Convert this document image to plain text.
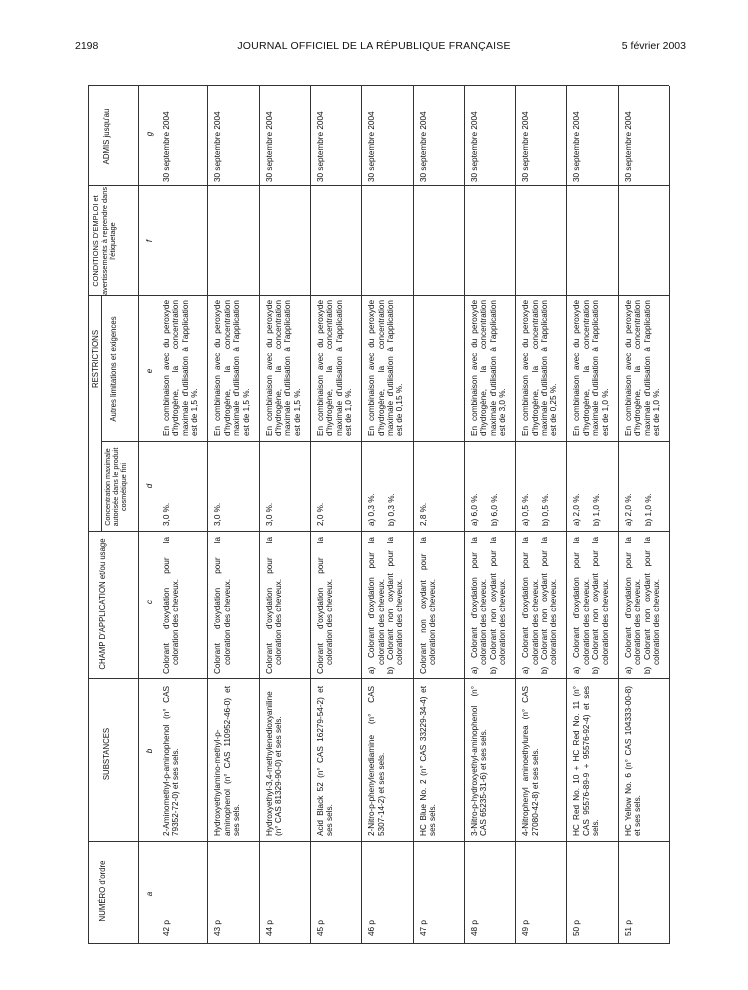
2198	JOURNAL OFFICIEL DE LA RÉPUBLIQUE FRANÇAISE	5 février 2003
NUMÉRO d'ordre
SUBSTANCES
CHAMP D'APPLICATION et/ou usage
RESTRICTIONS
Concentration maximale autorisée dans le produit cosmétique fini
Autres limitations et exigences
CONDITIONS D'EMPLOI et avertissements à reprendre dans l'étiquetage
ADMIS jusqu'au
a
b
c
d
e
f
g
42 p
2-Aminomethyl-p-aminophenol (n° CAS 79352-72-0) et ses sels.
Colorant d'oxydation pour la coloration des cheveux.
3,0 %.
En combinaison avec du peroxyde d'hydrogène, la concentration maximale d'utilisation à l'application est de 1,5 %.
30 septembre 2004
43 p
Hydroxyethylamino-methyl-p-aminophenol (n° CAS 110952-46-0) et ses sels.
Colorant d'oxydation pour la coloration des cheveux.
3,0 %.
En combinaison avec du peroxyde d'hydrogène, la concentration maximale d'utilisation à l'application est de 1,5 %.
30 septembre 2004
44 p
Hydroxyethyl-3,4-methylenedioxyaniline (n° CAS 81329-90-0) et ses sels.
Colorant d'oxydation pour la coloration des cheveux.
3,0 %.
En combinaison avec du peroxyde d'hydrogène, la concentration maximale d'utilisation à l'application est de 1,5 %.
30 septembre 2004
45 p
Acid Black 52 (n° CAS 16279-54-2) et ses sels.
Colorant d'oxydation pour la coloration des cheveux.
2,0 %.
En combinaison avec du peroxyde d'hydrogène, la concentration maximale d'utilisation à l'application est de 1,0 %.
30 septembre 2004
46 p
2-Nitro-p-phenylenediamine (n° CAS 5307-14-2) et ses sels.
a) Colorant d'oxydation pour la coloration des cheveux. b) Colorant non oxydant pour la coloration des cheveux.
a) 0,3 %. b) 0,3 %.
En combinaison avec du peroxyde d'hydrogène, la concentration maximale d'utilisation à l'application est de 0,15 %.
30 septembre 2004
47 p
HC Blue No. 2 (n° CAS 33229-34-4) et ses sels.
Colorant non oxydant pour la coloration des cheveux.
2,8 %.
30 septembre 2004
48 p
3-Nitro-p-hydroxyethyl-aminophenol (n° CAS 65235-31-6) et ses sels.
a) Colorant d'oxydation pour la coloration des cheveux. b) Colorant non oxydant pour la coloration des cheveux.
a) 6,0 %. b) 6,0 %.
En combinaison avec du peroxyde d'hydrogène, la concentration maximale d'utilisation à l'application est de 3,0 %.
30 septembre 2004
49 p
4-Nitrophenyl aminoethylurea (n° CAS 27080-42-8) et ses sels.
a) Colorant d'oxydation pour la coloration des cheveux. b) Colorant non oxydant pour la coloration des cheveux.
a) 0,5 %. b) 0,5 %.
En combinaison avec du peroxyde d'hydrogène, la concentration maximale d'utilisation à l'application est de 0,25 %.
30 septembre 2004
50 p
HC Red No. 10 + HC Red No. 11 (n° CAS 95576-89-9 + 95576-92-4) et ses sels.
a) Colorant d'oxydation pour la coloration des cheveux. b) Colorant non oxydant pour la coloration des cheveux.
a) 2,0 %. b) 1,0 %.
En combinaison avec du peroxyde d'hydrogène, la concentration maximale d'utilisation à l'application est de 1,0 %.
30 septembre 2004
51 p
HC Yellow No. 6 (n° CAS 104333-00-8) et ses sels.
a) Colorant d'oxydation pour la coloration des cheveux. b) Colorant non oxydant pour la coloration des cheveux.
a) 2,0 %. b) 1,0 %.
En combinaison avec du peroxyde d'hydrogène, la concentration maximale d'utilisation à l'application est de 1,0 %.
30 septembre 2004
